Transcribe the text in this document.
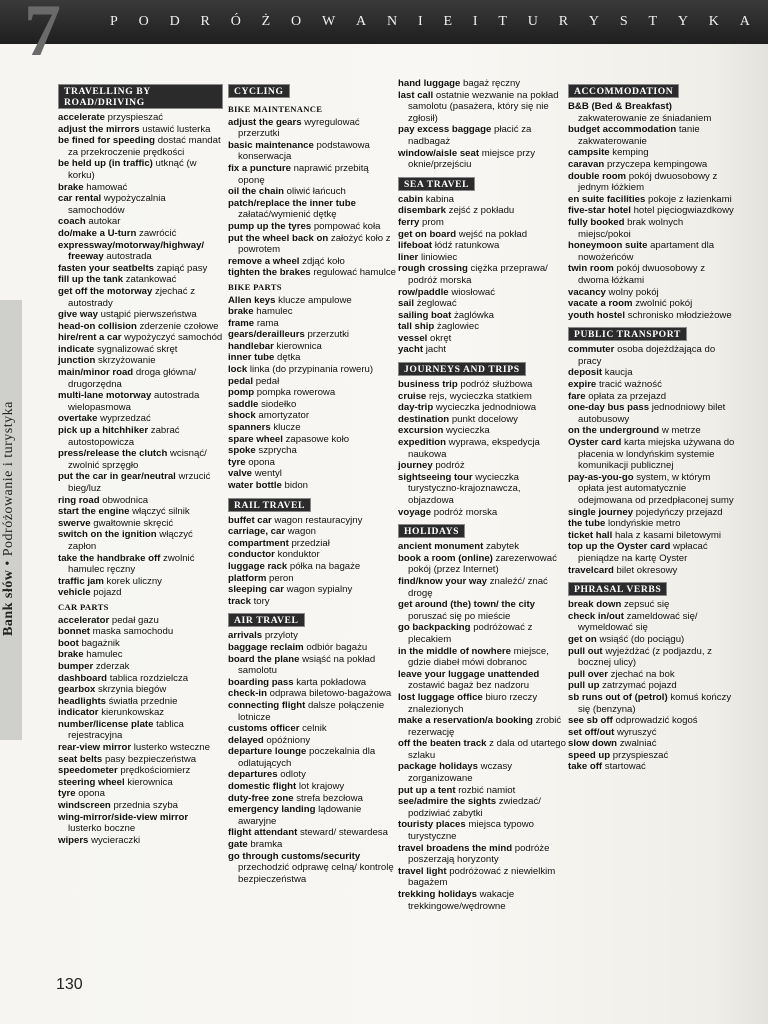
7	P O D R Ó Ż O W A N I E I T U R Y S T Y K A
Bank słów • Podróżowanie i turystyka
TRAVELLING BY ROAD/DRIVING
accelerate przyspieszać
adjust the mirrors ustawić lusterka
be fined for speeding dostać mandat za przekroczenie prędkości
be held up (in traffic) utknąć (w korku)
brake hamować
car rental wypożyczalnia samochodów
coach autokar
do/make a U-turn zawrócić
expressway/motorway/highway/ freeway autostrada
fasten your seatbelts zapiąć pasy
fill up the tank zatankować
get off the motorway zjechać z autostrady
give way ustąpić pierwszeństwa
head-on collision zderzenie czołowe
hire/rent a car wypożyczyć samochód
indicate sygnalizować skręt
junction skrzyżowanie
main/minor road droga główna/ drugorzędna
multi-lane motorway autostrada wielopasmowa
overtake wyprzedzać
pick up a hitchhiker zabrać autostopowicza
press/release the clutch wcisnąć/ zwolnić sprzęgło
put the car in gear/neutral wrzucić bieg/luz
ring road obwodnica
start the engine włączyć silnik
swerve gwałtownie skręcić
switch on the ignition włączyć zapłon
take the handbrake off zwolnić hamulec ręczny
traffic jam korek uliczny
vehicle pojazd
CAR PARTS
accelerator pedał gazu
bonnet maska samochodu
boot bagażnik
brake hamulec
bumper zderzak
dashboard tablica rozdzielcza
gearbox skrzynia biegów
headlights światła przednie
indicator kierunkowskaz
number/license plate tablica rejestracyjna
rear-view mirror lusterko wsteczne
seat belts pasy bezpieczeństwa
speedometer prędkościomierz
steering wheel kierownica
tyre opona
windscreen przednia szyba
wing-mirror/side-view mirror lusterko boczne
wipers wycieraczki
CYCLING
BIKE MAINTENANCE
adjust the gears wyregulować przerzutki
basic maintenance podstawowa konserwacja
fix a puncture naprawić przebitą oponę
oil the chain oliwić łańcuch
patch/replace the inner tube załatać/wymienić dętkę
pump up the tyres pompować koła
put the wheel back on założyć koło z powrotem
remove a wheel zdjąć koło
tighten the brakes regulować hamulce
BIKE PARTS
Allen keys klucze ampulowe
brake hamulec
frame rama
gears/derailleurs przerzutki
handlebar kierownica
inner tube dętka
lock linka (do przypinania roweru)
pedal pedał
pomp pompka rowerowa
saddle siodełko
shock amortyzator
spanners klucze
spare wheel zapasowe koło
spoke szprycha
tyre opona
valve wentyl
water bottle bidon
RAIL TRAVEL
buffet car wagon restauracyjny
carriage, car wagon
compartment przedział
conductor konduktor
luggage rack półka na bagaże
platform peron
sleeping car wagon sypialny
track tory
AIR TRAVEL
arrivals przyloty
baggage reclaim odbiór bagażu
board the plane wsiąść na pokład samolotu
boarding pass karta pokładowa
check-in odprawa biletowo-bagażowa
connecting flight dalsze połączenie lotnicze
customs officer celnik
delayed opóźniony
departure lounge poczekalnia dla odlatujących
departures odloty
domestic flight lot krajowy
duty-free zone strefa bezcłowa
emergency landing lądowanie awaryjne
flight attendant steward/ stewardesa
gate bramka
go through customs/security przechodzić odprawę celną/ kontrolę bezpieczeństwa
hand luggage bagaż ręczny
last call ostatnie wezwanie na pokład samolotu (pasażera, który się nie zgłosił)
pay excess baggage płacić za nadbagaż
window/aisle seat miejsce przy oknie/przejściu
SEA TRAVEL
cabin kabina
disembark zejść z pokładu
ferry prom
get on board wejść na pokład
lifeboat łódź ratunkowa
liner liniowiec
rough crossing ciężka przeprawa/ podróż morska
row/paddle wiosłować
sail żeglować
sailing boat żaglówka
tall ship żaglowiec
vessel okręt
yacht jacht
JOURNEYS AND TRIPS
business trip podróż służbowa
cruise rejs, wycieczka statkiem
day-trip wycieczka jednodniowa
destination punkt docelowy
excursion wycieczka
expedition wyprawa, ekspedycja naukowa
journey podróż
sightseeing tour wycieczka turystyczno-krajoznawcza, objazdowa
voyage podróż morska
HOLIDAYS
ancient monument zabytek
book a room (online) zarezerwować pokój (przez Internet)
find/know your way znaleźć/ znać drogę
get around (the) town/ the city poruszać się po mieście
go backpacking podróżować z plecakiem
in the middle of nowhere miejsce, gdzie diabeł mówi dobranoc
leave your luggage unattended zostawić bagaż bez nadzoru
lost luggage office biuro rzeczy znalezionych
make a reservation/a booking zrobić rezerwację
off the beaten track z dala od utartego szlaku
package holidays wczasy zorganizowane
put up a tent rozbić namiot
see/admire the sights zwiedzać/ podziwiać zabytki
touristy places miejsca typowo turystyczne
travel broadens the mind podróże poszerzają horyzonty
travel light podróżować z niewielkim bagażem
trekking holidays wakacje trekkingowe/wędrowne
ACCOMMODATION
B&B (Bed & Breakfast) zakwaterowanie ze śniadaniem
budget accommodation tanie zakwaterowanie
campsite kemping
caravan przyczepa kempingowa
double room pokój dwuosobowy z jednym łóżkiem
en suite facilities pokoje z łazienkami
five-star hotel hotel pięciogwiazdkowy
fully booked brak wolnych miejsc/pokoi
honeymoon suite apartament dla nowożeńców
twin room pokój dwuosobowy z dwoma łóżkami
vacancy wolny pokój
vacate a room zwolnić pokój
youth hostel schronisko młodzieżowe
PUBLIC TRANSPORT
commuter osoba dojeżdżająca do pracy
deposit kaucja
expire tracić ważność
fare opłata za przejazd
one-day bus pass jednodniowy bilet autobusowy
on the underground w metrze
Oyster card karta miejska używana do płacenia w londyńskim systemie komunikacji publicznej
pay-as-you-go system, w którym opłata jest automatycznie odejmowana od przedpłaconej sumy
single journey pojedyńczy przejazd
the tube londyńskie metro
ticket hall hala z kasami biletowymi
top up the Oyster card wpłacać pieniądze na kartę Oyster
travelcard bilet okresowy
PHRASAL VERBS
break down zepsuć się
check in/out zameldować się/ wymeldować się
get on wsiąść (do pociągu)
pull out wyjeżdżać (z podjazdu, z bocznej ulicy)
pull over zjechać na bok
pull up zatrzymać pojazd
sb runs out of (petrol) komuś kończy się (benzyna)
see sb off odprowadzić kogoś
set off/out wyruszyć
slow down zwalniać
speed up przyspieszać
take off startować
130
